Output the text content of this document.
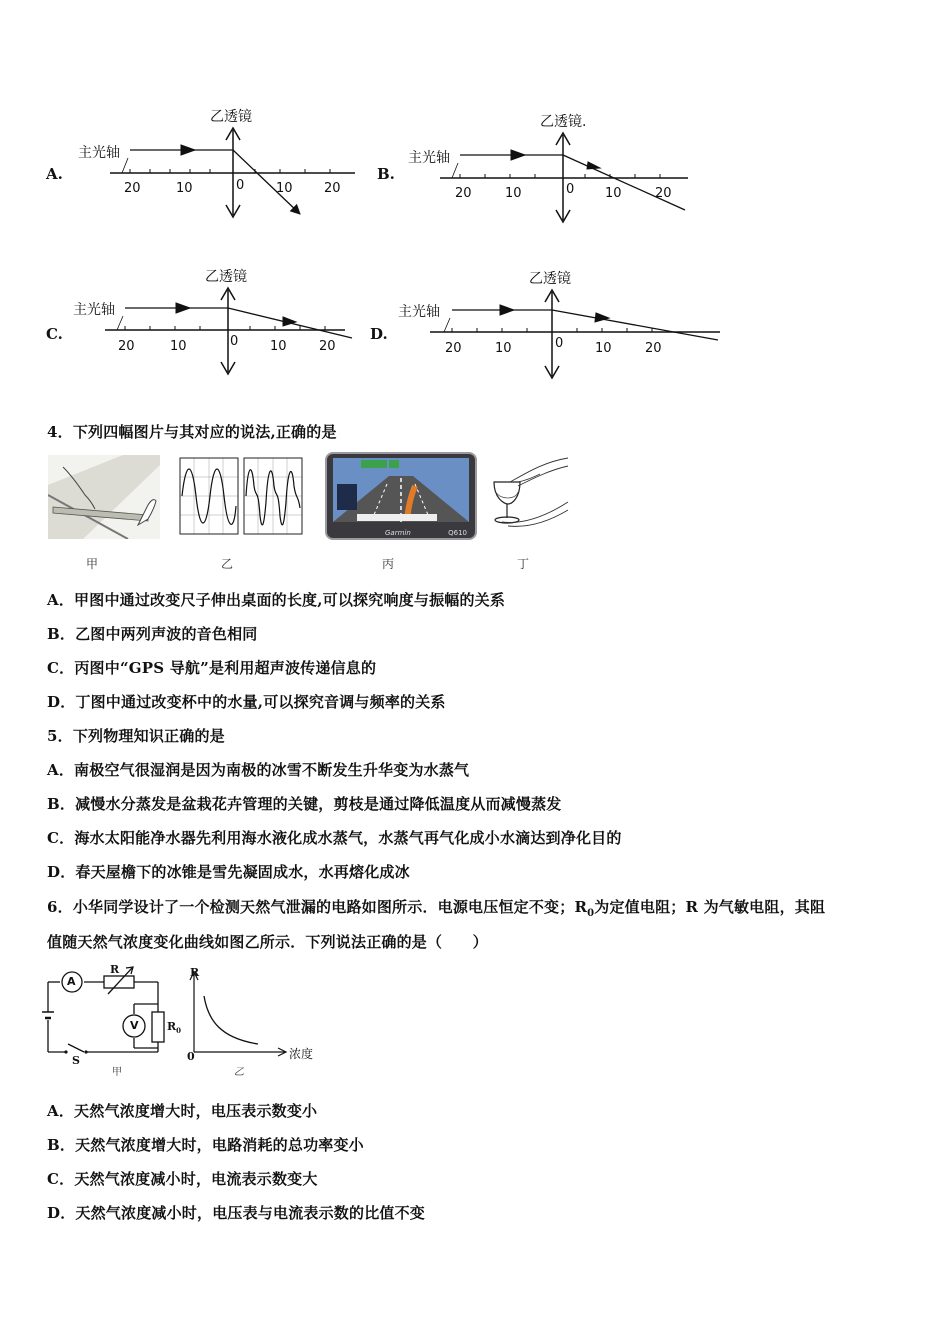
A.	B.
C.	D.
乙透镜
主光轴
20	10	0 10 20
乙透镜.
主光轴
20	10	0 10	20
乙透镜
主光轴
20	10	0 10 20
乙透镜
主光轴
20	10	0 10	20
4．下列四幅图片与其对应的说法,正确的是
甲	乙
Garmin	Q610
丙	丁
A．甲图中通过改变尺子伸出桌面的长度,可以探究响度与振幅的关系
B．乙图中两列声波的音色相同
C．丙图中“GPS 导航”是利用超声波传递信息的
D．丁图中通过改变杯中的水量,可以探究音调与频率的关系
5．下列物理知识正确的是
A．南极空气很湿润是因为南极的冰雪不断发生升华变为水蒸气
B．减慢水分蒸发是盆栽花卉管理的关键，剪枝是通过降低温度从而减慢蒸发
C．海水太阳能净水器先利用海水液化成水蒸气，水蒸气再气化成小水滴达到净化目的
D．春天屋檐下的冰锥是雪先凝固成水，水再熔化成冰
6．小华同学设计了一个检测天然气泄漏的电路如图所示．电源电压恒定不变；$R_0$为定值电阻；R 为气敏电阻，其阻
值随天然气浓度变化曲线如图乙所示．下列说法正确的是（　　）
A
V
R
$R_0$
S
甲
R
浓度
0
乙
A．天然气浓度增大时，电压表示数变小
B．天然气浓度增大时，电路消耗的总功率变小
C．天然气浓度减小时，电流表示数变大
D．天然气浓度减小时，电压表与电流表示数的比值不变
